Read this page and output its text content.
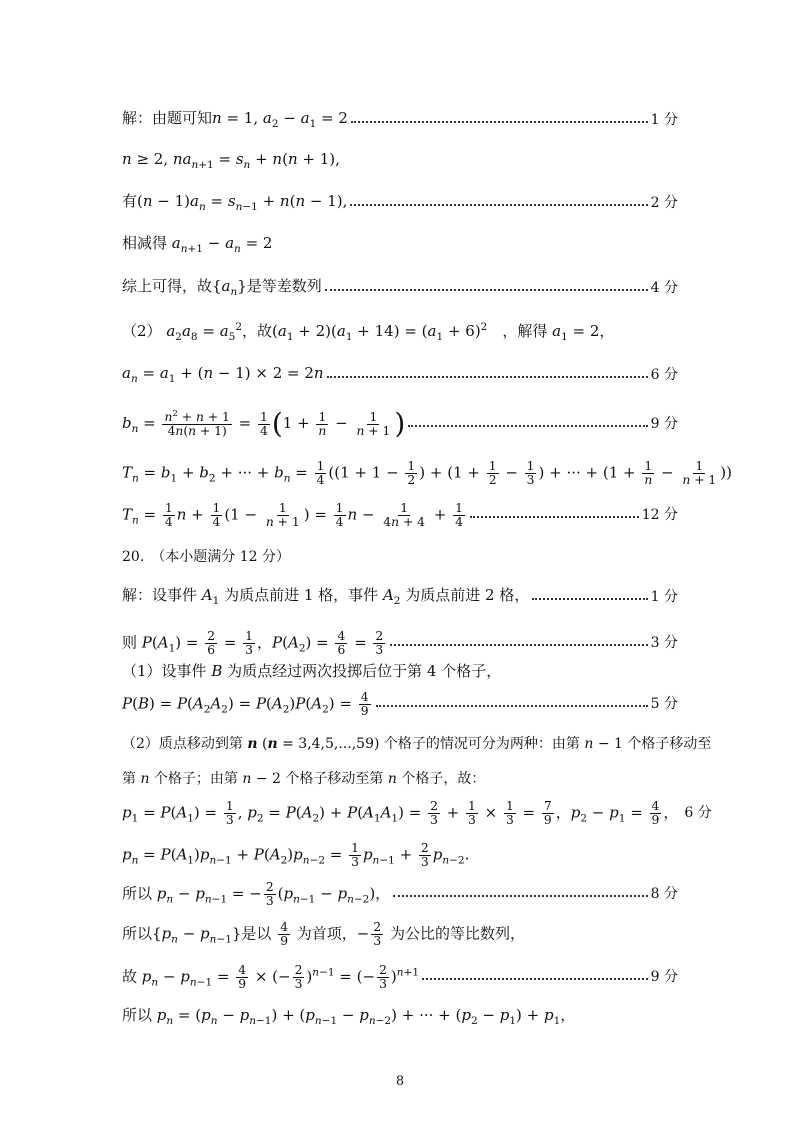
解：由题可知n = 1, $a_2 - a_1 = 2$	1 分
n ≥ 2, $na_{n+1} = s_n + n(n + 1)$,
有$(n - 1)a_n = s_{n-1} + n(n - 1)$,	2 分
相减得 $a_{n+1} - a_n = 2$
综上可得，故$\{a_n\}$是等差数列	4 分
（2） $a_2a_8 = a_5^2$，故$(a_1 + 2)(a_1 + 14) = (a_1 + 6)^2$　，解得 $a_1 = 2$，
$a_n = a_1 + (n - 1) \times 2 = 2n$	6 分
$b_n = \frac{n^2 + n + 1}{4n(n + 1)} = \frac{1}{4} (1 + \frac{1}{n} - \frac{1}{n + 1}$ )	9 分
$T_n = b_1 + b_2$ + ··· + $b_n = \frac{1}{4} ((1 + 1 - \frac{1}{2}$ ) + ($1 + \frac{1}{2} - \frac{1}{3}$ ) + ··· + ($1 + \frac{1}{n} - \frac{1}{n + 1}$ ))
$T_n = \frac{1}{4}$ $n + \frac{1}{4} (1 - \frac{1}{n + 1}$ ) = $\frac{1}{4}$ $n - \frac{1}{4n + 4} + \frac{1}{4}$	12 分
20.　（本小题满分 12 分）
解：设事件 $A_1$ 为质点前进 1 格，事件 $A_2$ 为质点前进 2 格，	1 分
则 $P(A_1) = \frac{2}{6} = \frac{1}{3}$ ，$P(A_2) = \frac{4}{6} = \frac{2}{3}$	3 分
（1）设事件 B 为质点经过两次投掷后位于第 4 个格子，
$P(B) = P(A_2A_2) = P(A_2)P(A_2) = \frac{4}{9}$	5 分
（2）质点移动到第 n (n = 3,4,5,...,59) 个格子的情况可分为两种：由第 n − 1 个格子移动至
第 n 个格子；由第 n − 2 个格子移动至第 n 个格子，故：
$p_1 = P(A_1) = \frac{1}{3}$ , $p_2 = P(A_2) + P(A_1A_1) = \frac{2}{3} + \frac{1}{3} \times \frac{1}{3} = \frac{7}{9}$ ，$p_2 - p_1 = \frac{4}{9}$ ， 6 分
$p_n = P(A_1)p_{n-1} + P(A_2)p_{n-2} = \frac{1}{3} p_{n-1} + \frac{2}{3} p_{n-2}$.
所以 $p_n - p_{n-1}$ = − $\frac{2}{3} (p_{n-1} - p_{n-2})$，	8 分
所以$\{p_n - p_{n-1}\}$是以 $\frac{4}{9}$ 为首项，− $\frac{2}{3}$ 为公比的等比数列，
故 $p_n - p_{n-1} = \frac{4}{9}$ × (− $\frac{2}{3} )^{n-1}$ = (− $\frac{2}{3} )^{n+1}$	9 分
所以 $p_n = (p_n - p_{n-1}) + (p_{n-1} - p_{n-2})$ + ··· + $(p_2 - p_1) + p_1$，
8
